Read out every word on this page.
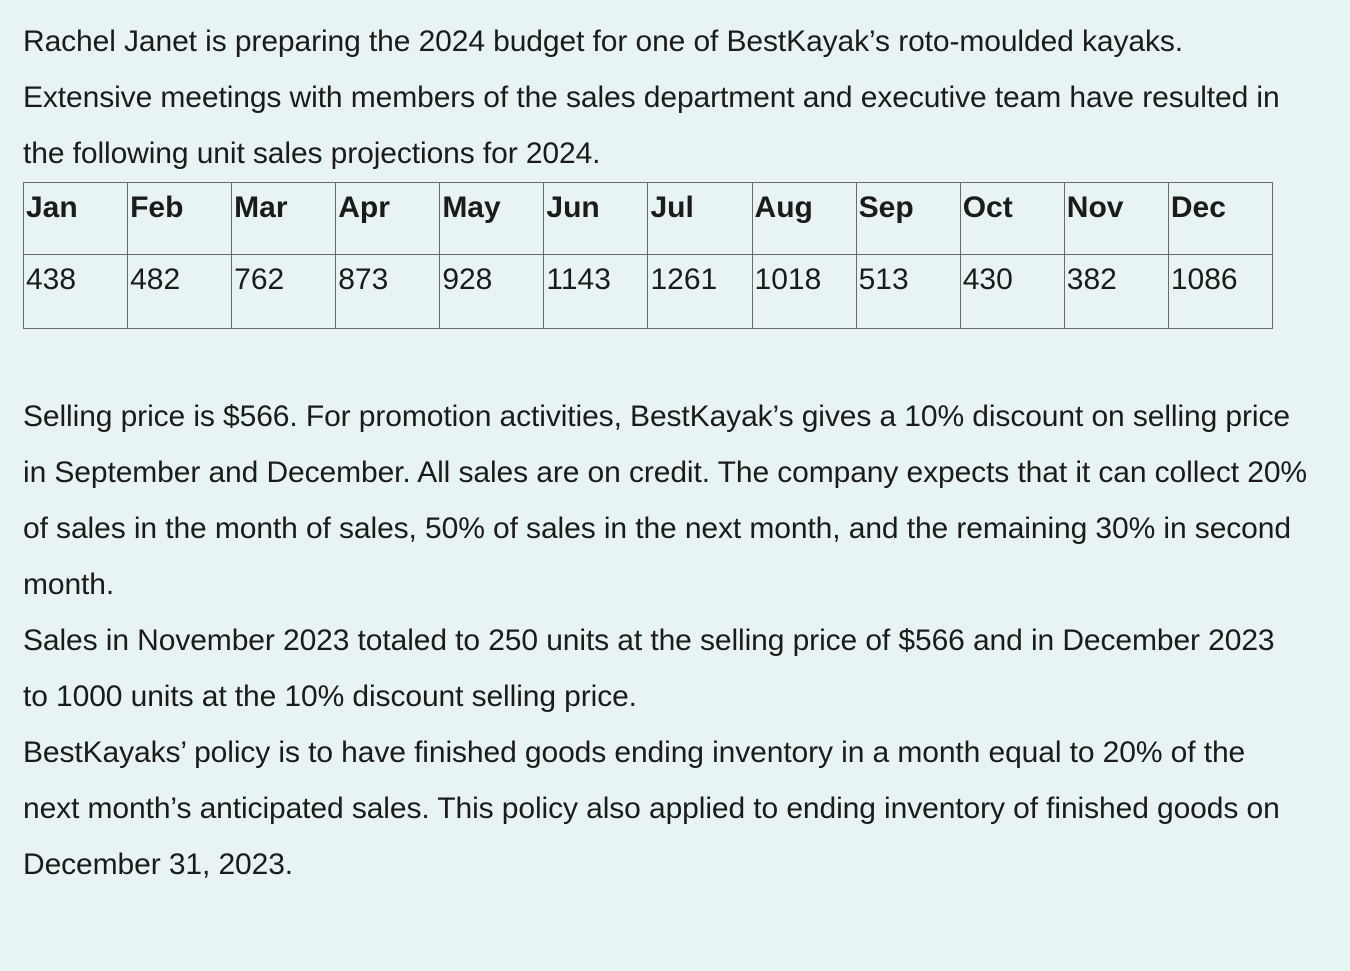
Rachel Janet is preparing the 2024 budget for one of BestKayak’s roto-moulded kayaks. Extensive meetings with members of the sales department and executive team have resulted in the following unit sales projections for 2024.

Jan	Feb	Mar	Apr	May	Jun	Jul	Aug	Sep	Oct	Nov	Dec
438	482	762	873	928	1143	1261	1018	513	430	382	1086

Selling price is $566. For promotion activities, BestKayak’s gives a 10% discount on selling price in September and December. All sales are on credit. The company expects that it can collect 20% of sales in the month of sales, 50% of sales in the next month, and the remaining 30% in second month.

Sales in November 2023 totaled to 250 units at the selling price of $566 and in December 2023 to 1000 units at the 10% discount selling price.

BestKayaks’ policy is to have finished goods ending inventory in a month equal to 20% of the next month’s anticipated sales. This policy also applied to ending inventory of finished goods on December 31, 2023.
